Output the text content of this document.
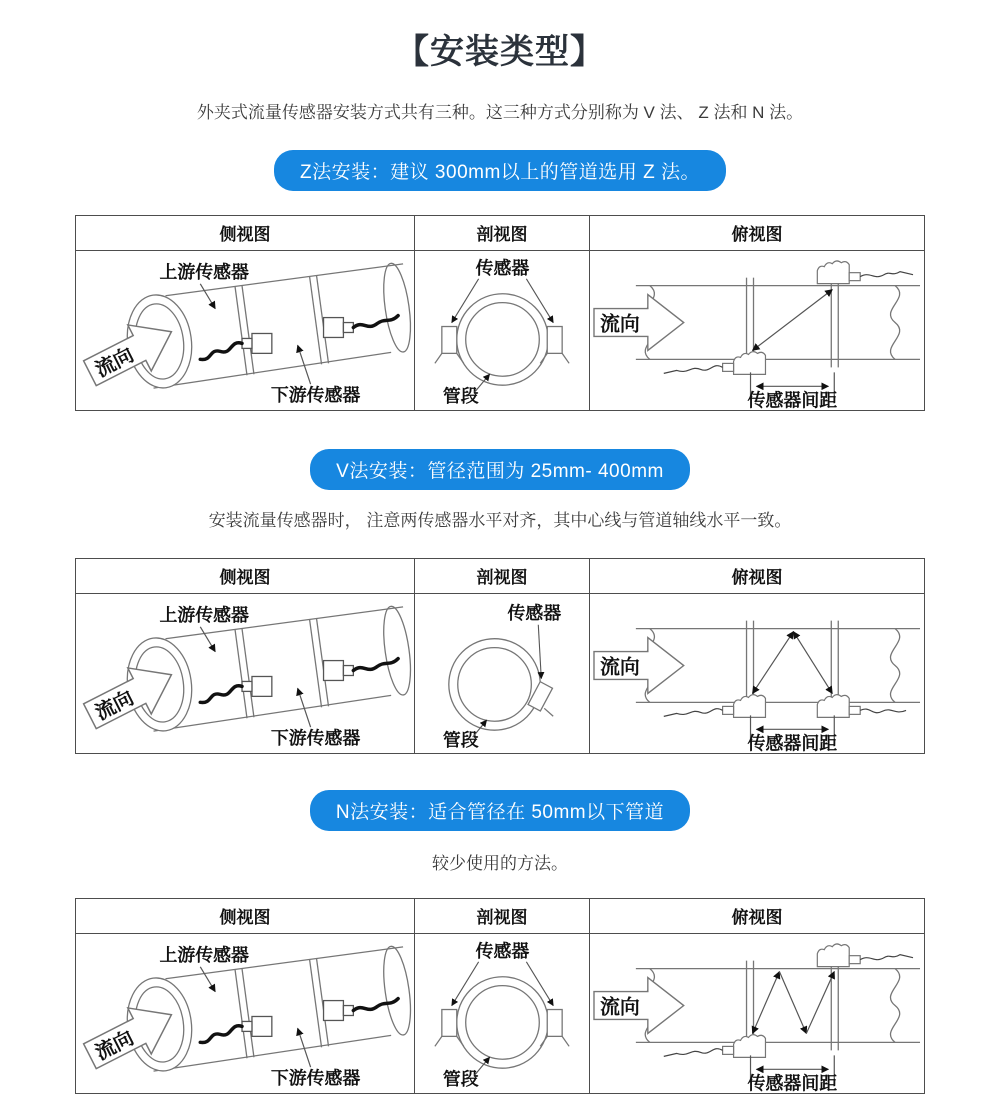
【安装类型】
外夹式流量传感器安装方式共有三种。这三种方式分别称为 V 法、 Z 法和 N 法。
Z法安装：建议 300mm以上的管道选用 Z 法。
侧视图	剖视图	俯视图
V法安装：管径范围为 25mm- 400mm
安装流量传感器时， 注意两传感器水平对齐，其中心线与管道轴线水平一致。
侧视图	剖视图	俯视图
N法安装：适合管径在 50mm以下管道
较少使用的方法。
侧视图	剖视图	俯视图
